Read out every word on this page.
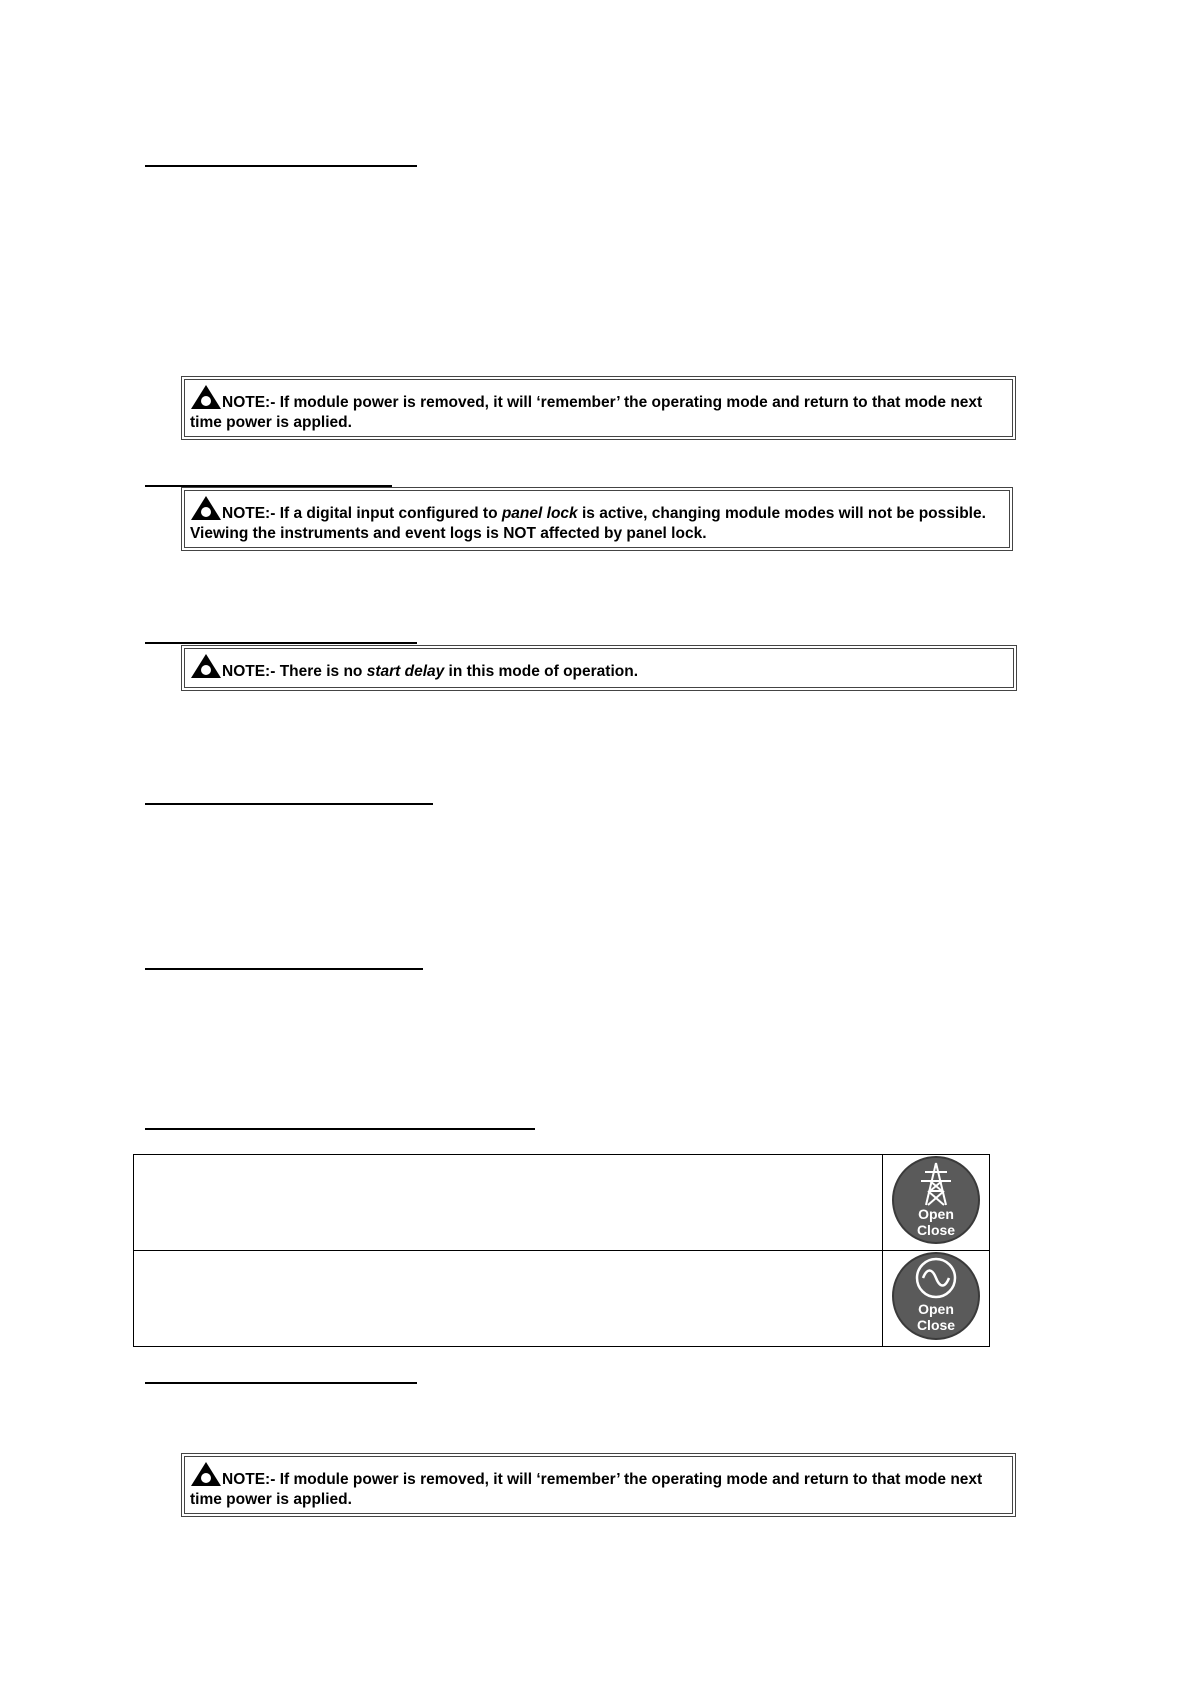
NOTE:- If module power is removed, it will ‘remember’ the operating mode and return to that mode next time power is applied.
NOTE:- If a digital input configured to panel lock is active, changing module modes will not be possible. Viewing the instruments and event logs is NOT affected by panel lock.
NOTE:- There is no start delay in this mode of operation.

Open
Close

Open
Close
NOTE:- If module power is removed, it will ‘remember’ the operating mode and return to that mode next time power is applied.
